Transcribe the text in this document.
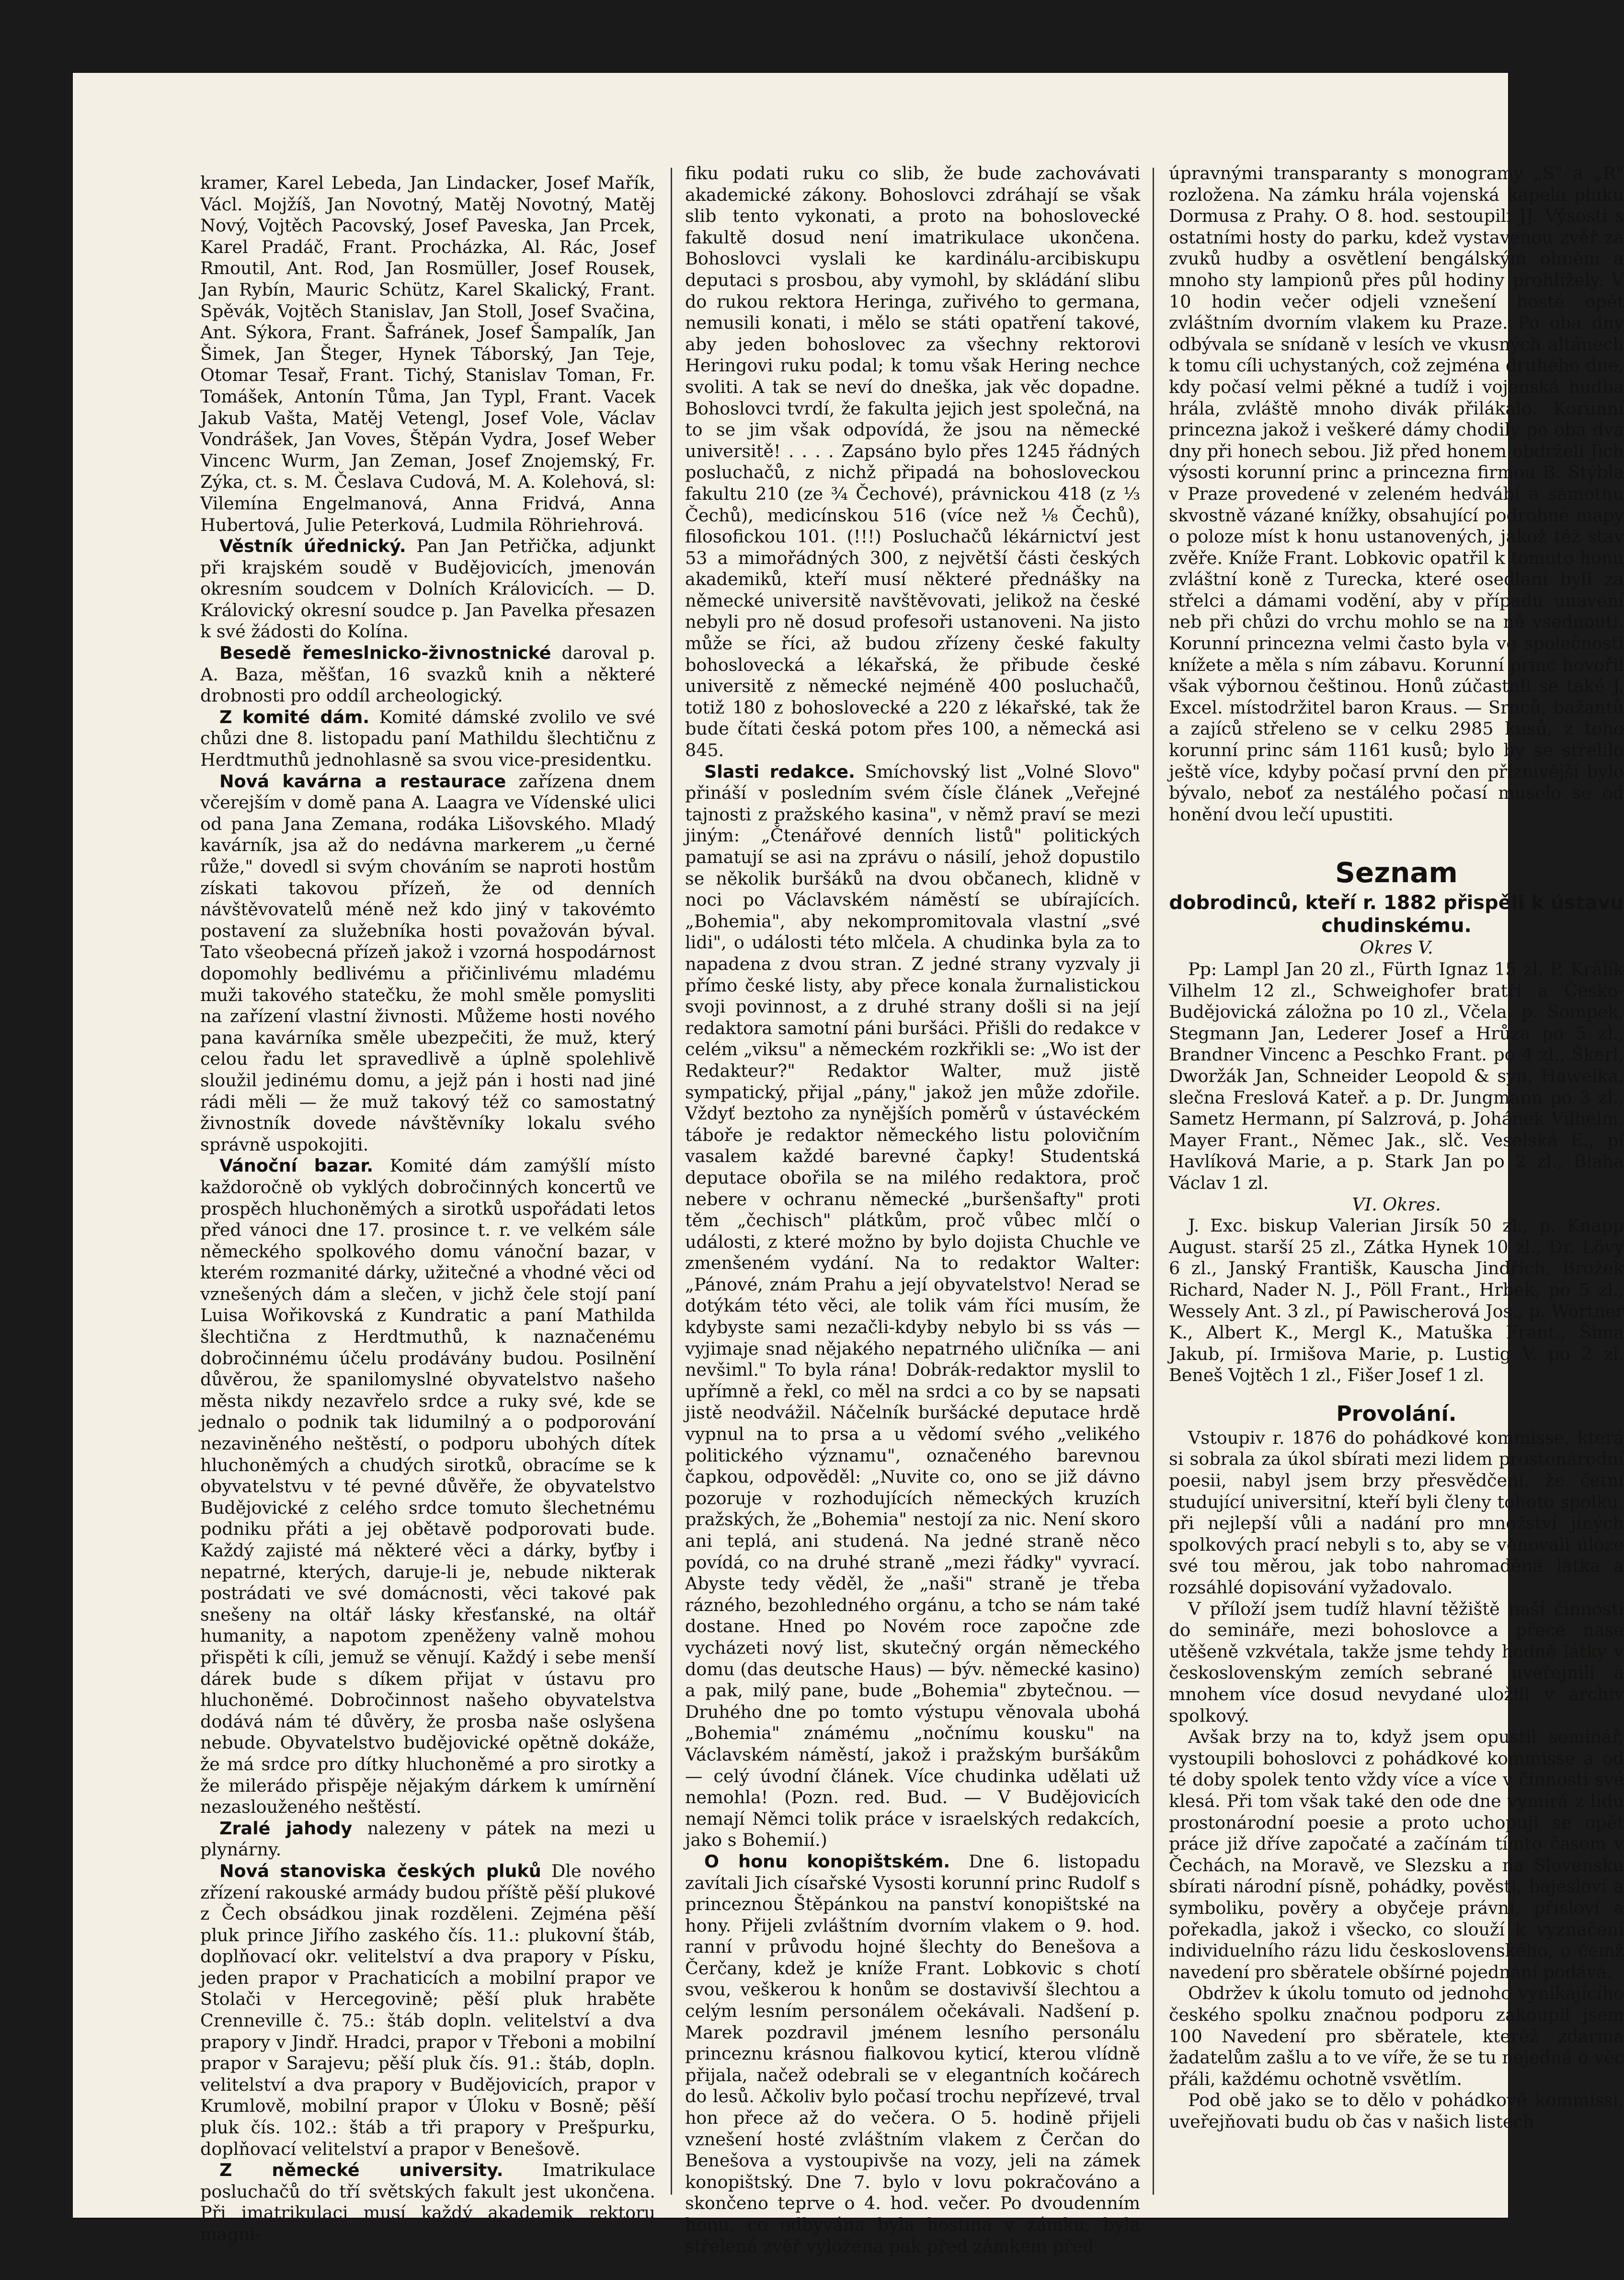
kramer, Karel Lebeda, Jan Lindacker, Josef Mařík, Václ. Mojžíš, Jan Novotný, Matěj Novotný, Matěj Nový, Vojtěch Pacovský, Josef Paveska, Jan Prcek, Karel Pradáč, Frant. Procházka, Al. Rác, Josef Rmoutil, Ant. Rod, Jan Rosmüller, Josef Rousek, Jan Rybín, Mauric Schütz, Karel Skalický, Frant. Spěvák, Vojtěch Stanislav, Jan Stoll, Josef Svačina, Ant. Sýkora, Frant. Šafránek, Josef Šampalík, Jan Šimek, Jan Šteger, Hynek Táborský, Jan Teje, Otomar Tesař, Frant. Tichý, Stanislav Toman, Fr. Tomášek, Antonín Tůma, Jan Typl, Frant. Vacek Jakub Vašta, Matěj Vetengl, Josef Vole, Václav Vondrášek, Jan Voves, Štěpán Vydra, Josef Weber Vincenc Wurm, Jan Zeman, Josef Znojemský, Fr. Zýka, ct. s. M. Česlava Cudová, M. A. Kolehová, sl: Vilemína Engelmanová, Anna Fridvá, Anna Hubertová, Julie Peterková, Ludmila Röhriehrová.

Věstník úřednický. Pan Jan Petřička, adjunkt při krajském soudě v Budějovicích, jmenován okresním soudcem v Dolních Královicích. — D. Královický okresní soudce p. Jan Pavelka přesazen k své žádosti do Kolína.

Besedě řemeslnicko-živnostnické daroval p. A. Baza, měšťan, 16 svazků knih a některé drobnosti pro oddíl archeologický.

Z komité dám. Komité dámské zvolilo ve své chůzi dne 8. listopadu paní Mathildu šlechtičnu z Herdtmuthů jednohlasně sa svou vice-presidentku.

Nová kavárna a restaurace zařízena dnem včerejším v domě pana A. Laagra ve Vídenské ulici od pana Jana Zemana, rodáka Lišovského. Mladý kavárník, jsa až do nedávna markerem „u černé růže," dovedl si svým chováním se naproti hostům získati takovou přízeň, že od denních návštěvovatelů méně než kdo jiný v takovémto postavení za služebníka hosti považován býval. Tato všeobecná přízeň jakož i vzorná hospodárnost dopomohly bedlivému a přičinlivému mladému muži takového statečku, že mohl směle pomysliti na zařízení vlastní živnosti. Můžeme hosti nového pana kavárníka směle ubezpečiti, že muž, který celou řadu let spravedlivě a úplně spolehlivě sloužil jedinému domu, a jejž pán i hosti nad jiné rádi měli — že muž takový též co samostatný živnostník dovede návštěvníky lokalu svého správně uspokojiti.

Vánoční bazar. Komité dám zamýšlí místo každoročně ob vyklých dobročinných koncertů ve prospěch hluchoněmých a sirotků uspořádati letos před vánoci dne 17. prosince t. r. ve velkém sále německého spolkového domu vánoční bazar, v kterém rozmanité dárky, užitečné a vhodné věci od vznešených dám a slečen, v jichž čele stojí paní Luisa Wořikovská z Kundratic a paní Mathilda šlechtična z Herdtmuthů, k naznačenému dobročinnému účelu prodávány budou. Posilnění důvěrou, že spanilomyslné obyvatelstvo našeho města nikdy nezavřelo srdce a ruky své, kde se jednalo o podnik tak lidumilný a o podporování nezaviněného neštěstí, o podporu ubohých dítek hluchoněmých a chudých sirotků, obracíme se k obyvatelstvu v té pevné důvěře, že obyvatelstvo Budějovické z celého srdce tomuto šlechetnému podniku přáti a jej obětavě podporovati bude. Každý zajisté má některé věci a dárky, byťby i nepatrné, kterých, daruje-li je, nebude nikterak postrádati ve své domácnosti, věci takové pak snešeny na oltář lásky křesťanské, na oltář humanity, a napotom zpeněženy valně mohou přispěti k cíli, jemuž se věnují. Každý i sebe menší dárek bude s díkem přijat v ústavu pro hluchoněmé. Dobročinnost našeho obyvatelstva dodává nám té důvěry, že prosba naše oslyšena nebude. Obyvatelstvo budějovické opětně dokáže, že má srdce pro dítky hluchoněmé a pro sirotky a že milerádo přispěje nějakým dárkem k umírnění nezaslouženého neštěstí.

Zralé jahody nalezeny v pátek na mezi u plynárny.

Nová stanoviska českých pluků Dle nového zřízení rakouské armády budou příště pěší plukové z Čech obsádkou jinak rozděleni. Zejména pěší pluk prince Jiřího zaského čís. 11.: plukovní štáb, doplňovací okr. velitelství a dva prapory v Písku, jeden prapor v Prachaticích a mobilní prapor ve Stolači v Hercegovině; pěší pluk hraběte Crenneville č. 75.: štáb dopln. velitelství a dva prapory v Jindř. Hradci, prapor v Třeboni a mobilní prapor v Sarajevu; pěší pluk čís. 91.: štáb, dopln. velitelství a dva prapory v Budějovicích, prapor v Krumlově, mobilní prapor v Úloku v Bosně; pěší pluk čís. 102.: štáb a tři prapory v Prešpurku, doplňovací velitelství a prapor v Benešově.

Z německé university. Imatrikulace posluchačů do tří světských fakult jest ukončena. Při imatrikulaci musí každý akademik rektoru magni-

fiku podati ruku co slib, že bude zachovávati akademické zákony. Bohoslovci zdráhají se však slib tento vykonati, a proto na bohoslovecké fakultě dosud není imatrikulace ukončena. Bohoslovci vyslali ke kardinálu-arcibiskupu deputaci s prosbou, aby vymohl, by skládání slibu do rukou rektora Heringa, zuřivého to germana, nemusili konati, i mělo se státi opatření takové, aby jeden bohoslovec za všechny rektorovi Heringovi ruku podal; k tomu však Hering nechce svoliti. A tak se neví do dneška, jak věc dopadne. Bohoslovci tvrdí, že fakulta jejich jest společná, na to se jim však odpovídá, že jsou na německé universitě! . . . . Zapsáno bylo přes 1245 řádných posluchačů, z nichž připadá na bohosloveckou fakultu 210 (ze ¾ Čechové), právnickou 418 (z ⅓ Čechů), medicínskou 516 (více než ⅛ Čechů), filosofickou 101. (!!!) Posluchačů lékárnictví jest 53 a mimořádných 300, z největší části českých akademiků, kteří musí některé přednášky na německé universitě navštěvovati, jelikož na české nebyli pro ně dosud profesoři ustanoveni. Na jisto může se říci, až budou zřízeny české fakulty bohoslovecká a lékařská, že přibude české universitě z německé nejméně 400 posluchačů, totiž 180 z bohoslovecké a 220 z lékařské, tak že bude čítati česká potom přes 100, a německá asi 845.

Slasti redakce. Smíchovský list „Volné Slovo" přináší v posledním svém čísle článek „Veřejné tajnosti z pražského kasina", v němž praví se mezi jiným: „Čtenářové denních listů" politických pamatují se asi na zprávu o násilí, jehož dopustilo se několik buršáků na dvou občanech, klidně v noci po Václavském náměstí se ubírajících. „Bohemia", aby nekompromitovala vlastní „své lidi", o události této mlčela. A chudinka byla za to napadena z dvou stran. Z jedné strany vyzvaly ji přímo české listy, aby přece konala žurnalistickou svoji povinnost, a z druhé strany došli si na její redaktora samotní páni buršáci. Přišli do redakce v celém „viksu" a německém rozkřikli se: „Wo ist der Redakteur?" Redaktor Walter, muž jistě sympatický, přijal „pány," jakož jen může zdořile. Vždyť beztoho za nynějších poměrů v ústavéckém táboře je redaktor německého listu polovičním vasalem každé barevné čapky! Studentská deputace obořila se na milého redaktora, proč nebere v ochranu německé „buršenšafty" proti těm „čechisch" plátkům, proč vůbec mlčí o události, z které možno by bylo dojista Chuchle ve zmenšeném vydání. Na to redaktor Walter: „Pánové, znám Prahu a její obyvatelstvo! Nerad se dotýkám této věci, ale tolik vám říci musím, že kdybyste sami nezačli-kdyby nebylo bi ss vás — vyjimaje snad nějakého nepatrného uličníka — ani nevšiml." To byla rána! Dobrák-redaktor myslil to upřímně a řekl, co měl na srdci a co by se napsati jistě neodvážil. Náčelník buršácké deputace hrdě vypnul na to prsa a u vědomí svého „velikého politického významu", označeného barevnou čapkou, odpověděl: „Nuvite co, ono se již dávno pozoruje v rozhodujících německých kruzích pražských, že „Bohemia" nestojí za nic. Není skoro ani teplá, ani studená. Na jedné straně něco povídá, co na druhé straně „mezi řádky" vyvrací. Abyste tedy věděl, že „naši" straně je třeba rázného, bezohledného orgánu, a tcho se nám také dostane. Hned po Novém roce započne zde vycházeti nový list, skutečný orgán německého domu (das deutsche Haus) — býv. německé kasino) a pak, milý pane, bude „Bohemia" zbytečnou. — Druhého dne po tomto výstupu věnovala ubohá „Bohemia" známému „nočnímu kousku" na Václavském náměstí, jakož i pražským buršákům — celý úvodní článek. Více chudinka udělati už nemohla! (Pozn. red. Bud. — V Budějovicích nemají Němci tolik práce v israelských redakcích, jako s Bohemií.)

O honu konopištském. Dne 6. listopadu zavítali Jich císařské Vysosti korunní princ Rudolf s princeznou Štěpánkou na panství konopištské na hony. Přijeli zvláštním dvorním vlakem o 9. hod. ranní v průvodu hojné šlechty do Benešova a Čerčany, kdež je kníže Frant. Lobkovic s chotí svou, veškerou k honům se dostavivší šlechtou a celým lesním personálem očekávali. Nadšení p. Marek pozdravil jménem lesního personálu princeznu krásnou fialkovou kyticí, kterou vlídně přijala, načež odebrali se v elegantních kočárech do lesů. Ačkoliv bylo počasí trochu nepřízevé, trval hon přece až do večera. O 5. hodině přijeli vznešení hosté zvláštním vlakem z Čerčan do Benešova a vystoupivše na vozy, jeli na zámek konopištský. Dne 7. bylo v lovu pokračováno a skončeno teprve o 4. hod. večer. Po dvoudenním honu, co odbyvána byla hostina v zámku, byla střelená zvěř vyložena pak před zámkem před

úpravnými transparanty s monogramy „S" a „R" rozložena. Na zámku hrála vojenská kapela pluku Dormusa z Prahy. O 8. hod. sestoupili JJ. Výsosti s ostatními hosty do parku, kdež vystavenou zvěř za zvuků hudby a osvětlení bengálským ohněm a mnoho sty lampionů přes půl hodiny prohlížely. V 10 hodin večer odjeli vznešení hosté opět zvláštním dvorním vlakem ku Praze. Po oba dny odbývala se snídaně v lesích ve vkusných altánech k tomu cíli uchystaných, což zejména druhého dne, kdy počasí velmi pěkné a tudíž i vojenská hudba hrála, zvláště mnoho divák přilákalo. Korunní princezna jakož i veškeré dámy chodily po oba dva dny při honech sebou. Již před honem obdrželi Jich výsosti korunní princ a princezna firmou B. Stýbla v Praze provedené v zeleném hedvábí a samotnu skvostně vázané knížky, obsahující podrobné mapy o poloze míst k honu ustanovených, jakož též stav zvěře. Kníže Frant. Lobkovic opatřil k tomuto honu zvláštní koně z Turecka, které osedlaní byli za střelci a dámami vodění, aby v případu unavení neb při chůzi do vrchu mohlo se na ně vsednouti. Korunní princezna velmi často byla ve společnosti knížete a měla s ním zábavu. Korunní princ hovořil však výbornou češtinou. Honů zúčastnil se také J. Excel. místodržitel baron Kraus. — Srnců, bažantů a zajíců střeleno se v celku 2985 kusů, z toho korunní princ sám 1161 kusů; bylo by se střelilo ještě více, kdyby počasí první den příznivější bylo bývalo, neboť za nestálého počasí muselo se od honění dvou lečí upustiti.

Seznam

dobrodinců, kteří r. 1882 přispěli k ústavu chudinskému.

Okres V.

Pp: Lampl Jan 20 zl., Fürth Ignaz 15 zl. P. Králík Vilhelm 12 zl., Schweighofer bratří a Česko-Budějovická záložna po 10 zl., Včela, p. Sompek, Stegmann Jan, Lederer Josef a Hrůza po 5 zl., Brandner Vincenc a Peschko Frant. po 4 zl., Škerl, Dworžák Jan, Schneider Leopold & syn, Hawelka, slečna Freslová Kateř. a p. Dr. Jungmann po 3 zl., Sametz Hermann, pí Salzrová, p. Johánek Vilhelm, Mayer Frant., Němec Jak., slč. Veselská E., pí Havlíková Marie, a p. Stark Jan po 2 zl., Blaha Václav 1 zl.

VI. Okres.

J. Exc. biskup Valerian Jirsík 50 zl., p. Knapp August. starší 25 zl., Zátka Hynek 10 zl., Dr. Lövy 6 zl., Janský Františk, Kauscha Jindřich, Brožek Richard, Nader N. J., Pöll Frant., Hrbek, po 5 zl., Wessely Ant. 3 zl., pí Pawischerová Jos., p. Wortner K., Albert K., Mergl K., Matuška Frant., Šima Jakub, pí. Irmišova Marie, p. Lustig V. po 2 zl. Beneš Vojtěch 1 zl., Fišer Josef 1 zl.

Provolání.

Vstoupiv r. 1876 do pohádkové kommisse, která si sobrala za úkol sbírati mezi lidem prostonárodní poesii, nabyl jsem brzy přesvědčení, že četní studující universitní, kteří byli členy tohoto spolku, při nejlepší vůli a nadání pro množství jiných spolkových prací nebyli s to, aby se věnovali úloze své tou měrou, jak tobo nahromaděná látka a rozsáhlé dopisování vyžadovalo.

V příloží jsem tudíž hlavní těžiště naší činnosti do semináře, mezi bohoslovce a přece nase utěšeně vzkvétala, takže jsme tehdy hodně látky v československým zemích sebrané uveřejnili a mnohem více dosud nevydané uložili v archiv spolkový.

Avšak brzy na to, když jsem opustil seminář, vystoupili bohoslovci z pohádkové kommisse a od té doby spolek tento vždy více a více v činnosti své klesá. Při tom však také den ode dne vymírá z lidu prostonárodní poesie a proto uchopuji se opět práce již dříve započaté a začínám tímto časem v Čechách, na Moravě, ve Slezsku a na Slovensku sbírati národní písně, pohádky, pověsti, bájesloví a symboliku, pověry a obyčeje právní, přísloví a pořekadla, jakož i všecko, co slouží k vyznačení individuelního rázu lidu československého, o čemž navedení pro sběratele obšírné pojednání podává.

Obdržev k úkolu tomuto od jednoho vynikajícího českého spolku značnou podporu zakoupil jsem 100 Navedení pro sběratele, kteréž zdarma žadatelům zašlu a to ve víře, že se tu nejedná o věc přáli, každému ochotně vsvětlím.

Pod obě jako se to dělo v pohádkové kommissi, uveřejňovati budu ob čas v našich listech
